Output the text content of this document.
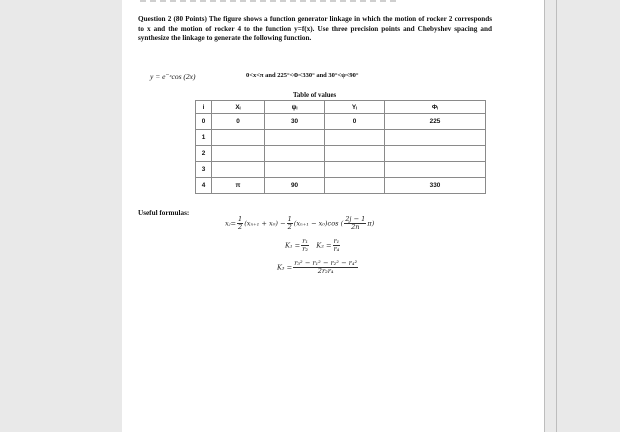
Question 2 (80 Points) The figure shows a function generator linkage in which the motion of rocker 2 corresponds to x and the motion of rocker 4 to the function y=f(x). Use three precision points and Chebyshev spacing and synthesize the linkage to generate the following function.
y = e⁻ˣcos (2x)	0<x<π and 225°<Φ<330° and 30°<ψ<90°
Table of values
i	Xᵢ	ψᵢ	Yᵢ	Φᵢ
0	0	30	0	225
1				
2				
3				
4	π	90		330
Useful formulas:
xⱼ= $\frac{1}{2} (x_{n+1} + x_0) - \frac{1}{2} (x_{n+1} - x_0)\cos$ ( $\frac{2j - 1}{2n} \pi$)
$K_1 = \frac{\text{r₁}}{\text{r₂}} K_2 = \frac{\text{r₁}}{\text{r₄}}$
$K_3 = \frac{\text{r₃² − r₁² − r₂² − r₄²}}{\text{2r₂r₄}}$
